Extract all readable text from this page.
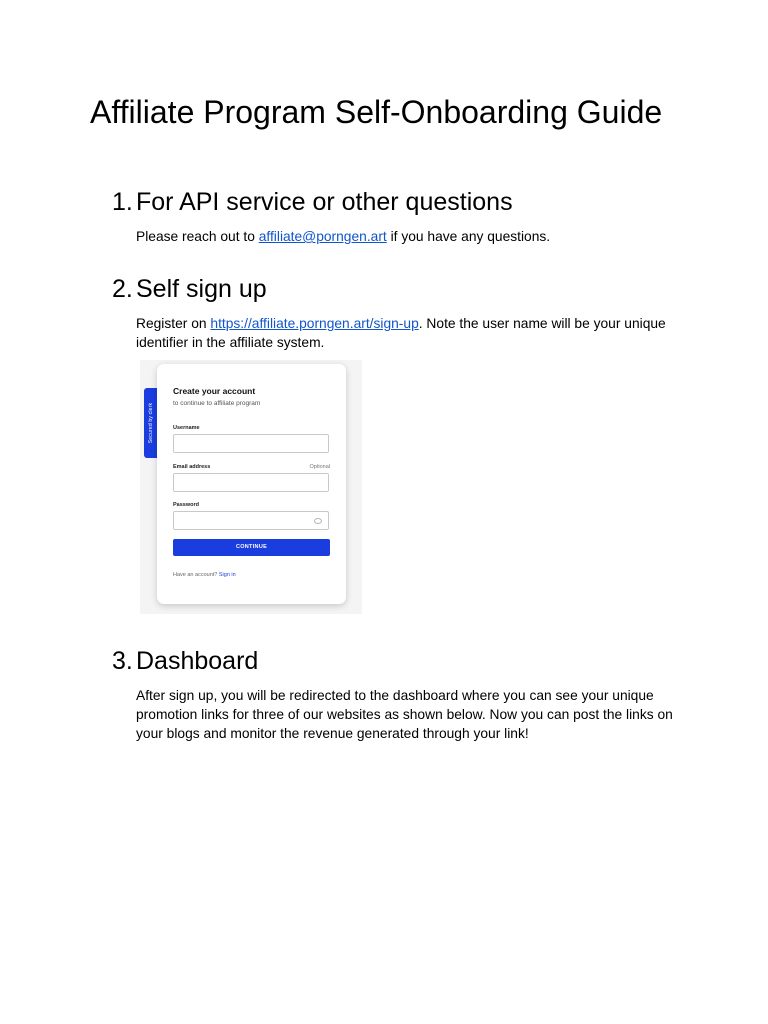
Affiliate Program Self-Onboarding Guide
1. For API service or other questions

Please reach out to affiliate@porngen.art if you have any questions.

2. Self sign up

Register on https://affiliate.porngen.art/sign-up. Note the user name will be your unique identifier in the affiliate system.

Secured by clerk
Create your account
to continue to affiliate program
Username
Email address	Optional
Password
CONTINUE
Have an account? Sign in
3. Dashboard

After sign up, you will be redirected to the dashboard where you can see your unique promotion links for three of our websites as shown below. Now you can post the links on your blogs and monitor the revenue generated through your link!
